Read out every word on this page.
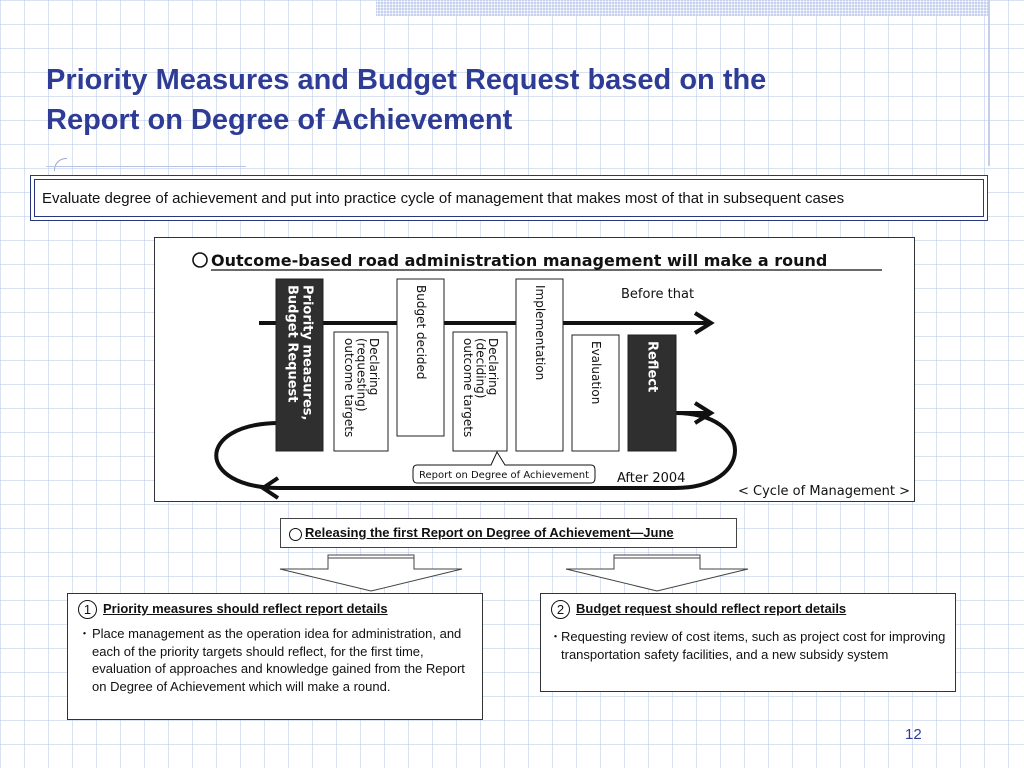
Priority Measures and Budget Request based on the
Report on Degree of Achievement
Evaluate degree of achievement and put into practice cycle of management that makes most of that in subsequent cases
Outcome-based road administration management will make a round
Before that
After 2004
< Cycle of Management >
Report on Degree of Achievement
Priority measures,
Budget Request	Declaring
(requesting)
outcome targets
Budget decided	Declaring
(deciding)
outcome targets
Implementation	Evaluation	Reflect
Releasing the first Report on Degree of Achievement—June
1 Priority measures should reflect report details
・ Place management as the operation idea for administration, and each of the priority targets should reflect, for the first time, evaluation of approaches and knowledge gained from the Report on Degree of Achievement which will make a round.
2 Budget request should reflect report details
・
Requesting review of cost items, such as project cost for improving transportation safety facilities, and a new subsidy system
12
